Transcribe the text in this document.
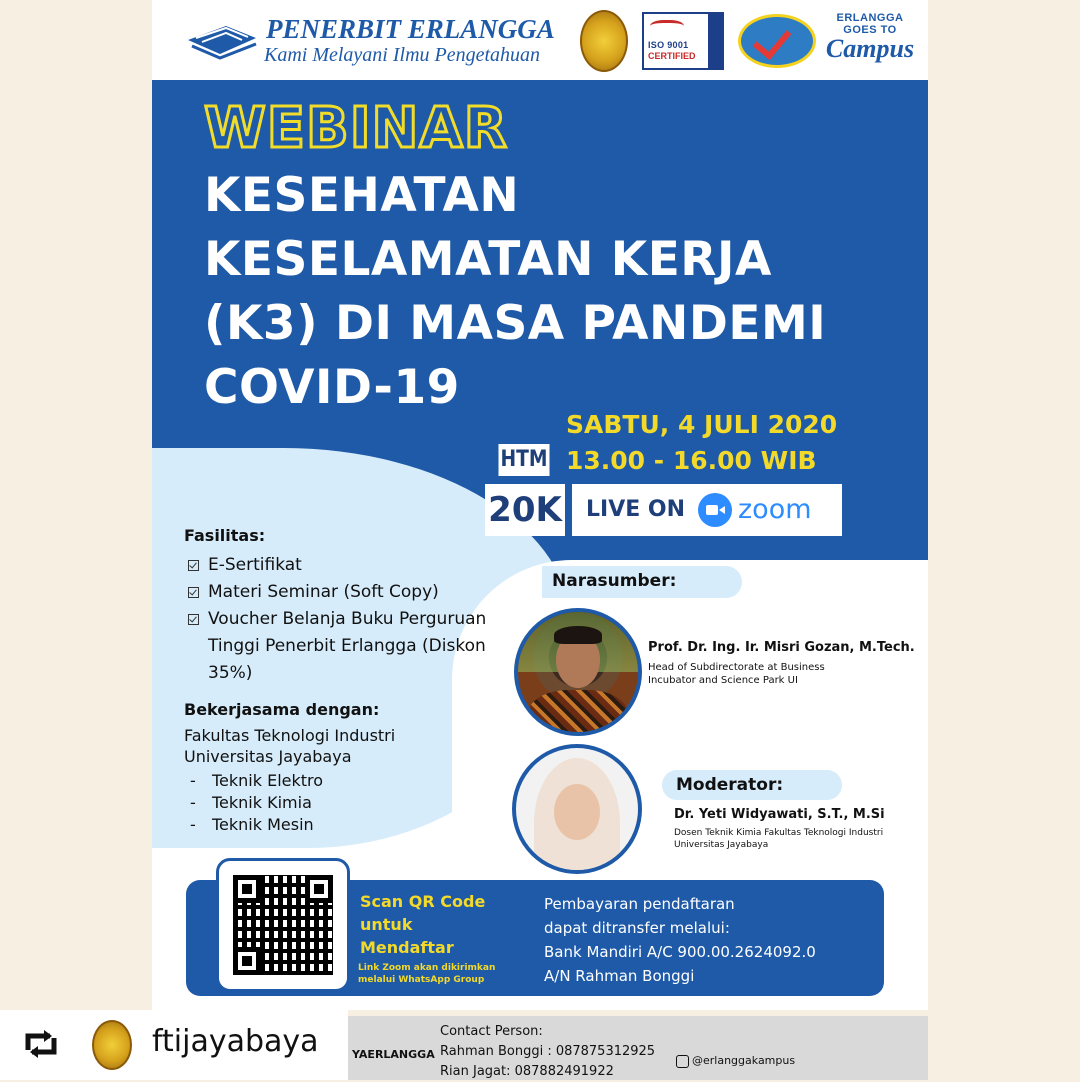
ftijayabaya
PENERBIT ERLANGGA
Kami Melayani Ilmu Pengetahuan	ISO 9001
CERTIFIED
ERLANGGA GOES TO
Campus
WEBINAR
KESEHATAN
KESELAMATAN KERJA
(K3) DI MASA PANDEMI
COVID-19
SABTU, 4 JULI 2020
HTM 13.00 - 16.00 WIB
20K LIVE ON zoom
Fasilitas:
E-Sertifikat
Materi Seminar (Soft Copy)
Voucher Belanja Buku Perguruan Tinggi Penerbit Erlangga (Diskon 35%)
Bekerjasama dengan:
Fakultas Teknologi Industri Universitas Jayabaya
- Teknik Elektro
- Teknik Kimia
- Teknik Mesin
Narasumber:
Prof. Dr. Ing. Ir. Misri Gozan, M.Tech.
Head of Subdirectorate at Business Incubator and Science Park UI
Moderator:
Dr. Yeti Widyawati, S.T., M.Si
Dosen Teknik Kimia Fakultas Teknologi Industri Universitas Jayabaya
Scan QR Code
untuk
Mendaftar
Link Zoom akan dikirimkan melalui WhatsApp Group
Pembayaran pendaftaran
dapat ditransfer melalui:
Bank Mandiri A/C 900.00.2624092.0
A/N Rahman Bonggi
YAERLANGGA
Contact Person:
Rahman Bonggi : 087875312925
Rian Jagat: 087882491922
@erlanggakampus
